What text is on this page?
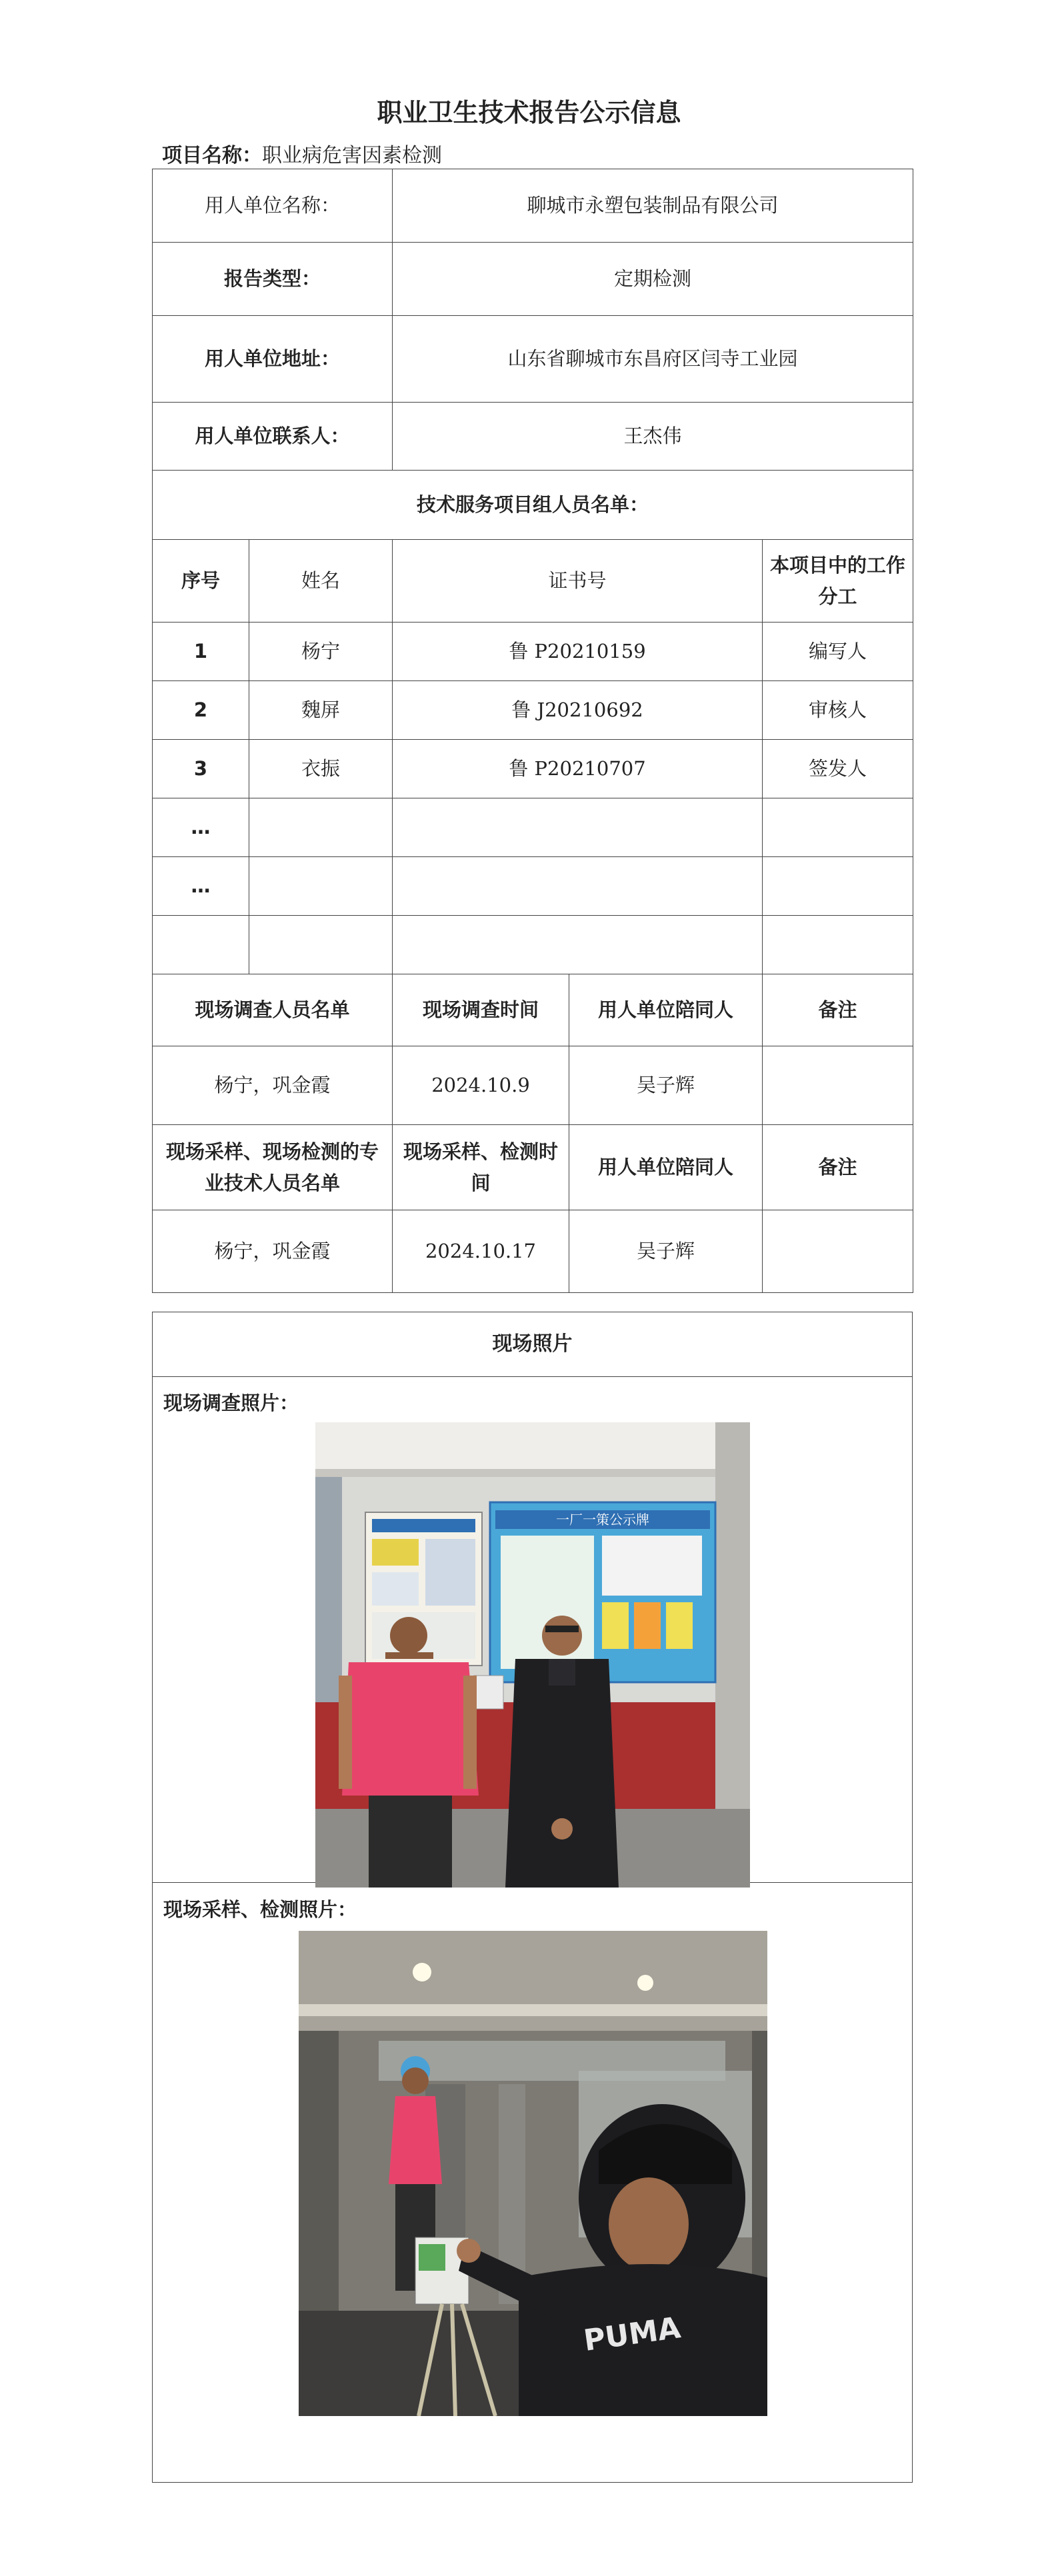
职业卫生技术报告公示信息
项目名称：职业病危害因素检测
用人单位名称：		聊城市永塑包装制品有限公司		
报告类型：		定期检测		
用人单位地址：		山东省聊城市东昌府区闫寺工业园		
用人单位联系人：		王杰伟		
技术服务项目组人员名单：				
序号	姓名	证书号		本项目中的工作分工
1	杨宁	鲁 P20210159		编写人
2	魏屏	鲁 J20210692		审核人
3	衣振	鲁 P20210707		签发人
…				
…				

现场调查人员名单		现场调查时间	用人单位陪同人	备注
杨宁，巩金霞		2024.10.9	吴子辉	
现场采样、现场检测的专业技术人员名单		现场采样、检测时间	用人单位陪同人	备注
杨宁，巩金霞		2024.10.17	吴子辉	
现场照片
现场调查照片：
一厂一策公示牌
现场采样、检测照片：
PUMA
